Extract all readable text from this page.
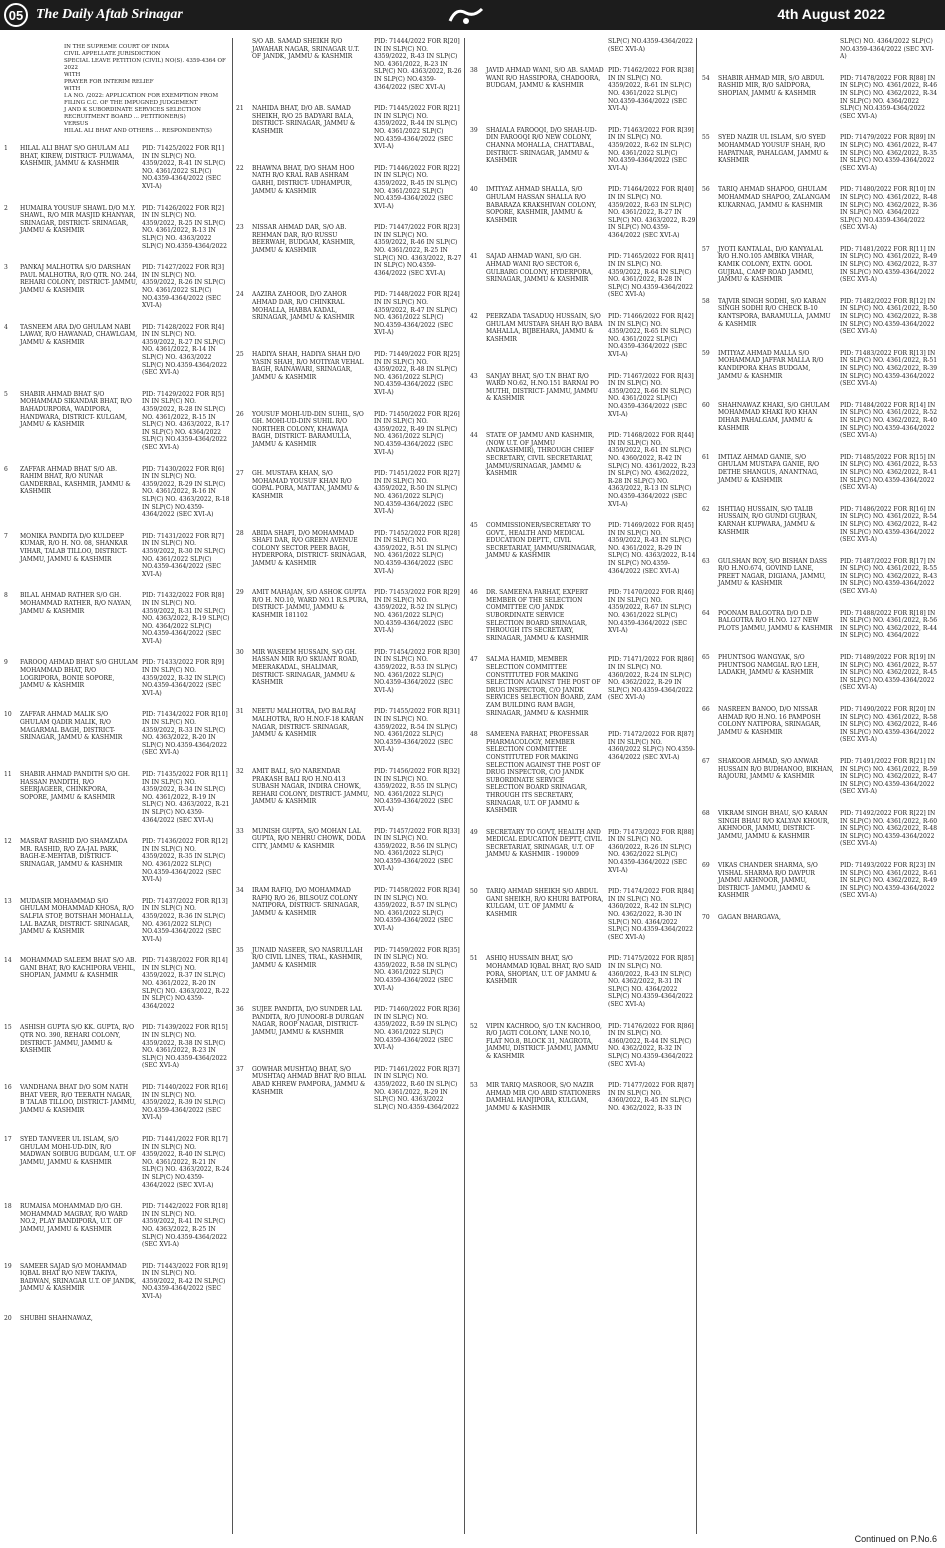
05 The Daily Aftab Srinagar	4th August 2022
IN THE SUPREME COURT OF INDIA
CIVIL APPELLATE JURISDICTION
SPECIAL LEAVE PETITION (CIVIL) NO(S). 4359-4364 OF 2022
WITH
PRAYER FOR INTERIM RELIEF
WITH
I.A NO. /2022: APPLICATION FOR EXEMPTION FROM FILING C.C. OF THE IMPUGNED JUDGEMENT
J AND K SUBORDINATE SERVICES SELECTION RECRUITMENT BOARD ... PETITIONER(S)
VERSUS
HILAL ALI BHAT AND OTHERS ... RESPONDENT(S)
1	HILAL ALI BHAT S/O GHULAM ALI BHAT, KIREW, DISTRICT- PULWAMA, KASHMIR, JAMMU & KASHMIR
PID: 71425/2022 FOR R[1] IN IN SLP(C) NO. 4359/2022, R-41 IN SLP(C) NO. 4361/2022 SLP(C) NO.4359-4364/2022 (SEC XVI-A)
2	HUMAIRA YOUSUF SHAWL D/O M.Y. SHAWL, R/O MIR MASJID KHANYAR, SRINAGAR, DISTRICT- SRINAGAR, JAMMU & KASHMIR
PID: 71426/2022 FOR R[2] IN IN SLP(C) NO. 4359/2022, R-25 IN SLP(C) NO. 4361/2022, R-13 IN SLP(C) NO. 4363/2022 SLP(C) NO.4359-4364/2022
3	PANKAJ MALHOTRA S/O DARSHAN PAUL MALHOTRA, R/O QTR. NO. 244, REHARI COLONY, DISTRICT- JAMMU, JAMMU & KASHMIR
PID: 71427/2022 FOR R[3] IN IN SLP(C) NO. 4359/2022, R-26 IN SLP(C) NO. 4361/2022 SLP(C) NO.4359-4364/2022 (SEC XVI-A)
4	TASNEEM ARA D/O GHULAM NABI LAWAY, R/O HAWANAD, CHAWLGAM, JAMMU & KASHMIR
PID: 71428/2022 FOR R[4] IN IN SLP(C) NO. 4359/2022, R-27 IN SLP(C) NO. 4361/2022, R-14 IN SLP(C) NO. 4363/2022 SLP(C) NO.4359-4364/2022 (SEC XVI-A)
5	SHABIR AHMAD BHAT S/O MOHAMMAD SIKANDAR BHAT, R/O BAHADURPORA, WADIPORA, HANDWARA, DISTRICT- KULGAM, JAMMU & KASHMIR
PID: 71429/2022 FOR R[5] IN IN SLP(C) NO. 4359/2022, R-28 IN SLP(C) NO. 4361/2022, R-15 IN SLP(C) NO. 4363/2022, R-17 IN SLP(C) NO. 4364/2022 SLP(C) NO.4359-4364/2022 (SEC XVI-A)
6	ZAFFAR AHMAD BHAT S/O AB. RAHIM BHAT, R/O NUNAR GANDERBAL, KASHMIR, JAMMU & KASHMIR
PID: 71430/2022 FOR R[6] IN IN SLP(C) NO. 4359/2022, R-29 IN SLP(C) NO. 4361/2022, R-16 IN SLP(C) NO. 4363/2022, R-18 IN SLP(C) NO.4359-4364/2022 (SEC XVI-A)
7	MONIKA PANDITA D/O KULDEEP KUMAR, R/O H. NO. 08, SHANKAR VIHAR, TALAB TILLOO, DISTRICT- JAMMU, JAMMU & KASHMIR
PID: 71431/2022 FOR R[7] IN IN SLP(C) NO. 4359/2022, R-30 IN SLP(C) NO. 4361/2022 SLP(C) NO.4359-4364/2022 (SEC XVI-A)
8	BILAL AHMAD RATHER S/O GH. MOHAMMAD RATHER, R/O NAYAN, JAMMU & KASHMIR
PID: 71432/2022 FOR R[8] IN IN SLP(C) NO. 4359/2022, R-31 IN SLP(C) NO. 4363/2022, R-19 SLP(C) NO. 4364/2022 SLP(C) NO.4359-4364/2022 (SEC XVI-A)
9	FAROOQ AHMAD BHAT S/O GHULAM MOHAMMAD BHAT, R/O LOGRIPORA, BONIE SOPORE, JAMMU & KASHMIR
PID: 71433/2022 FOR R[9] IN IN SLP(C) NO. 4359/2022, R-32 IN SLP(C) NO.4359-4364/2022 (SEC XVI-A)
10	ZAFFAR AHMAD MALIK S/O GHULAM QADIR MALIK, R/O MAGARMAL BAGH, DISTRICT- SRINAGAR, JAMMU & KASHMIR
PID: 71434/2022 FOR R[10] IN IN SLP(C) NO. 4359/2022, R-33 IN SLP(C) NO. 4363/2022, R-20 IN SLP(C) NO.4359-4364/2022 (SEC XVI-A)
11	SHABIR AHMAD PANDITH S/O GH. HASSAN PANDITH, R/O SEERJAGEER, CHINKPORA, SOPORE, JAMMU & KASHMIR
PID: 71435/2022 FOR R[11] IN IN SLP(C) NO. 4359/2022, R-34 IN SLP(C) NO. 4361/2022, R-19 IN SLP(C) NO. 4363/2022, R-21 IN SLP(C) NO.4359-4364/2022 (SEC XVI-A)
12	MASRAT RASHID D/O SHAMZADA MR. RASHID, R/O ZA-JAL PARK, BAGH-E-MEHTAB, DISTRICT- SRINAGAR, JAMMU & KASHMIR
PID: 71436/2022 FOR R[12] IN IN SLP(C) NO. 4359/2022, R-35 IN SLP(C) NO. 4361/2022 SLP(C) NO.4359-4364/2022 (SEC XVI-A)
13	MUDASIR MOHAMMAD S/O GHULAM MOHAMMAD KHOSA, R/O SALFIA STOP, BOTSHAH MOHALLA, LAL BAZAR, DISTRICT- SRINAGAR, JAMMU & KASHMIR
PID: 71437/2022 FOR R[13] IN IN SLP(C) NO. 4359/2022, R-36 IN SLP(C) NO. 4361/2022 SLP(C) NO.4359-4364/2022 (SEC XVI-A)
14	MOHAMMAD SALEEM BHAT S/O AB. GANI BHAT, R/O KACHIPORA VEHIL, SHOPIAN, JAMMU & KASHMIR
PID: 71438/2022 FOR R[14] IN IN SLP(C) NO. 4359/2022, R-37 IN SLP(C) NO. 4361/2022, R-20 IN SLP(C) NO. 4363/2022, R-22 IN SLP(C) NO.4359-4364/2022
15	ASHISH GUPTA S/O KK. GUPTA, R/O QTR NO. 390, REHARI COLONY, DISTRICT- JAMMU, JAMMU & KASHMIR
PID: 71439/2022 FOR R[15] IN IN SLP(C) NO. 4359/2022, R-38 IN SLP(C) NO. 4361/2022, R-23 IN SLP(C) NO.4359-4364/2022 (SEC XVI-A)
16	VANDHANA BHAT D/O SOM NATH BHAT VEER, R/O TEERATH NAGAR, B TALAB TILLOO, DISTRICT- JAMMU, JAMMU & KASHMIR
PID: 71440/2022 FOR R[16] IN IN SLP(C) NO. 4359/2022, R-39 IN SLP(C) NO.4359-4364/2022 (SEC XVI-A)
17	SYED TANVEER UL ISLAM, S/O GHULAM MOHI-UD-DIN, R/O MADWAN SOIBUG BUDGAM, U.T. OF JAMMU, JAMMU & KASHMIR
PID: 71441/2022 FOR R[17] IN IN SLP(C) NO. 4359/2022, R-40 IN SLP(C) NO. 4361/2022, R-21 IN SLP(C) NO. 4363/2022, R-24 IN SLP(C) NO.4359-4364/2022 (SEC XVI-A)
18	RUMAISA MOHAMMAD D/O GH. MOHAMMAD MAGRAY, R/O WARD NO.2, PLAY BANDIPORA, U.T. OF JAMMU, JAMMU & KASHMIR
PID: 71442/2022 FOR R[18] IN IN SLP(C) NO. 4359/2022, R-41 IN SLP(C) NO. 4363/2022, R-25 IN SLP(C) NO.4359-4364/2022 (SEC XVI-A)
19	SAMEER SAJAD S/O MOHAMMAD IQBAL BHAT R/O NEW TAKIYA, BADWAN, SRINAGAR U.T. OF JANDK, JAMMU & KASHMIR
PID: 71443/2022 FOR R[19] IN IN SLP(C) NO. 4359/2022, R-42 IN SLP(C) NO.4359-4364/2022 (SEC XVI-A)
20	SHUBHI SHAHNAWAZ,
S/O AB. SAMAD SHEIKH R/O JAWAHAR NAGAR, SRINAGAR U.T. OF JANDK, JAMMU & KASHMIR
PID: 71444/2022 FOR R[20] IN IN SLP(C) NO. 4359/2022, R-43 IN SLP(C) NO. 4361/2022, R-23 IN SLP(C) NO. 4363/2022, R-26 IN SLP(C) NO.4359-4364/2022 (SEC XVI-A)
21	NAHIDA BHAT, D/O AB. SAMAD SHEIKH, R/O 25 BADYARI BALA, DISTRICT- SRINAGAR, JAMMU & KASHMIR
PID: 71445/2022 FOR R[21] IN IN SLP(C) NO. 4359/2022, R-44 IN SLP(C) NO. 4361/2022 SLP(C) NO.4359-4364/2022 (SEC XVI-A)
22	BHAWNA BHAT, D/O SHAM HOO NATH R/O KRAL RAB ASHRAM GARHI, DISTRICT- UDHAMPUR, JAMMU & KASHMIR
PID: 71446/2022 FOR R[22] IN IN SLP(C) NO. 4359/2022, R-45 IN SLP(C) NO. 4361/2022 SLP(C) NO.4359-4364/2022 (SEC XVI-A)
23	NISSAR AHMAD DAR, S/O AB. REHMAN DAR, R/O RUSSU BEERWAH, BUDGAM, KASHMIR, JAMMU & KASHMIR
PID: 71447/2022 FOR R[23] IN IN SLP(C) NO. 4359/2022, R-46 IN SLP(C) NO. 4361/2022, R-25 IN SLP(C) NO. 4363/2022, R-27 IN SLP(C) NO.4359-4364/2022 (SEC XVI-A)
24	AAZIRA ZAHOOR, D/O ZAHOR AHMAD DAR, R/O CHINKRAL MOHALLA, HABBA KADAL, SRINAGAR, JAMMU & KASHMIR
PID: 71448/2022 FOR R[24] IN IN SLP(C) NO. 4359/2022, R-47 IN SLP(C) NO. 4361/2022 SLP(C) NO.4359-4364/2022 (SEC XVI-A)
25	HADIYA SHAH, HADIYA SHAH D/O YASIN SHAH, R/O MOTIYAR VEHAL BAGH, RAINAWARI, SRINAGAR, JAMMU & KASHMIR
PID: 71449/2022 FOR R[25] IN IN SLP(C) NO. 4359/2022, R-48 IN SLP(C) NO. 4361/2022 SLP(C) NO.4359-4364/2022 (SEC XVI-A)
26	YOUSUF MOHI-UD-DIN SUHIL, S/O GH. MOHI-UD-DIN SUHIL R/O NORTHER COLONY, KHAWAJA BAGH, DISTRICT- BARAMULLA, JAMMU & KASHMIR
PID: 71450/2022 FOR R[26] IN IN SLP(C) NO. 4359/2022, R-49 IN SLP(C) NO. 4361/2022 SLP(C) NO.4359-4364/2022 (SEC XVI-A)
27	GH. MUSTAFA KHAN, S/O MOHAMAD YOUSUF KHAN R/O GOPAL PORA, MATTAN, JAMMU & KASHMIR
PID: 71451/2022 FOR R[27] IN IN SLP(C) NO. 4359/2022, R-50 IN SLP(C) NO. 4361/2022 SLP(C) NO.4359-4364/2022 (SEC XVI-A)
28	ABIDA SHAFI, D/O MOHAMMAD SHAFI DAR, R/O GREEN AVENUE COLONY SECTOR PEER BAGH, HYDERPORA, DISTRICT- SRINAGAR, JAMMU & KASHMIR
PID: 71452/2022 FOR R[28] IN IN SLP(C) NO. 4359/2022, R-51 IN SLP(C) NO. 4361/2022 SLP(C) NO.4359-4364/2022 (SEC XVI-A)
29	AMIT MAHAJAN, S/O ASHOK GUPTA R/O H. NO.10, WARD NO.1 R.S.PURA, DISTRICT- JAMMU, JAMMU & KASHMIR 181102
PID: 71453/2022 FOR R[29] IN IN SLP(C) NO. 4359/2022, R-52 IN SLP(C) NO. 4361/2022 SLP(C) NO.4359-4364/2022 (SEC XVI-A)
30	MIR WASEEM HUSSAIN, S/O GH. HASSAN MIR R/O SKUANT ROAD, MEERAKADAL, SHALIMAR, DISTRICT- SRINAGAR, JAMMU & KASHMIR
PID: 71454/2022 FOR R[30] IN IN SLP(C) NO. 4359/2022, R-53 IN SLP(C) NO. 4361/2022 SLP(C) NO.4359-4364/2022 (SEC XVI-A)
31	NEETU MALHOTRA, D/O BALRAJ MALHOTRA, R/O H.NO.F-18 KARAN NAGAR, DISTRICT- SRINAGAR, JAMMU & KASHMIR
PID: 71455/2022 FOR R[31] IN IN SLP(C) NO. 4359/2022, R-54 IN SLP(C) NO. 4361/2022 SLP(C) NO.4359-4364/2022 (SEC XVI-A)
32	AMIT BALI, S/O NARENDAR PRAKASH BALI R/O H.NO.413 SUBASH NAGAR, INDIRA CHOWK, REHARI COLONY, DISTRICT- JAMMU, JAMMU & KASHMIR
PID: 71456/2022 FOR R[32] IN IN SLP(C) NO. 4359/2022, R-55 IN SLP(C) NO. 4361/2022 SLP(C) NO.4359-4364/2022 (SEC XVI-A)
33	MUNISH GUPTA, S/O MOHAN LAL GUPTA, R/O NEHRU CHOWK, DODA CITY, JAMMU & KASHMIR
PID: 71457/2022 FOR R[33] IN IN SLP(C) NO. 4359/2022, R-56 IN SLP(C) NO. 4361/2022 SLP(C) NO.4359-4364/2022 (SEC XVI-A)
34	IRAM RAFIQ, D/O MOHAMMAD RAFIQ R/O 26, BILSOUZ COLONY NATIPORA, DISTRICT- SRINAGAR, JAMMU & KASHMIR
PID: 71458/2022 FOR R[34] IN IN SLP(C) NO. 4359/2022, R-57 IN SLP(C) NO. 4361/2022 SLP(C) NO.4359-4364/2022 (SEC XVI-A)
35	JUNAID NASEER, S/O NASRULLAH R/O CIVIL LINES, TRAL, KASHMIR, JAMMU & KASHMIR
PID: 71459/2022 FOR R[35] IN IN SLP(C) NO. 4359/2022, R-58 IN SLP(C) NO. 4361/2022 SLP(C) NO.4359-4364/2022 (SEC XVI-A)
36	SUJEE PANDITA, D/O SUNDER LAL PANDITA, R/O JUNOORI-B DURGAN NAGAR, ROOP NAGAR, DISTRICT- JAMMU, JAMMU & KASHMIR
PID: 71460/2022 FOR R[36] IN IN SLP(C) NO. 4359/2022, R-59 IN SLP(C) NO. 4361/2022 SLP(C) NO.4359-4364/2022 (SEC XVI-A)
37	GOWHAR MUSHTAQ BHAT, S/O MUSHTAQ AHMAD BHAT R/O BILAL ABAD KHREW PAMPORA, JAMMU & KASHMIR
PID: 71461/2022 FOR R[37] IN IN SLP(C) NO. 4359/2022, R-60 IN SLP(C) NO. 4361/2022, R-29 IN SLP(C) NO. 4363/2022 SLP(C) NO.4359-4364/2022
SLP(C) NO.4359-4364/2022 (SEC XVI-A)
38	JAVID AHMAD WANI, S/O AB. SAMAD WANI R/O HASSIPORA, CHADOORA, BUDGAM, JAMMU & KASHMIR
PID: 71462/2022 FOR R[38] IN IN SLP(C) NO. 4359/2022, R-61 IN SLP(C) NO. 4361/2022 SLP(C) NO.4359-4364/2022 (SEC XVI-A)
39	SHAIALA FAROOQI, D/O SHAH-UD-DIN FAROOQI R/O NEW COLONY, CHANNA MOHALLA, CHATTABAL, DISTRICT- SRINAGAR, JAMMU & KASHMIR
PID: 71463/2022 FOR R[39] IN IN SLP(C) NO. 4359/2022, R-62 IN SLP(C) NO. 4361/2022 SLP(C) NO.4359-4364/2022 (SEC XVI-A)
40	IMTIYAZ AHMAD SHALLA, S/O GHULAM HASSAN SHALLA R/O BABARAZA KRAKSHIVAN COLONY, SOPORE, KASHMIR, JAMMU & KASHMIR
PID: 71464/2022 FOR R[40] IN IN SLP(C) NO. 4359/2022, R-63 IN SLP(C) NO. 4361/2022, R-27 IN SLP(C) NO. 4363/2022, R-29 IN SLP(C) NO.4359-4364/2022 (SEC XVI-A)
41	SAJAD AHMAD WANI, S/O GH. AHMAD WANI R/O SECTOR 6, GULBARG COLONY, HYDERPORA, SRINAGAR, JAMMU & KASHMIR
PID: 71465/2022 FOR R[41] IN IN SLP(C) NO. 4359/2022, R-64 IN SLP(C) NO. 4361/2022, R-28 IN SLP(C) NO.4359-4364/2022 (SEC XVI-A)
42	PEERZADA TASADUQ HUSSAIN, S/O GHULAM MUSTAFA SHAH R/O BABA MAHALLA, BIJBEHARA, JAMMU & KASHMIR
PID: 71466/2022 FOR R[42] IN IN SLP(C) NO. 4359/2022, R-65 IN SLP(C) NO. 4361/2022 SLP(C) NO.4359-4364/2022 (SEC XVI-A)
43	SANJAY BHAT, S/O T.N BHAT R/O WARD NO.62, H.NO.151 BARNAI PO MUTHI, DISTRICT- JAMMU, JAMMU & KASHMIR
PID: 71467/2022 FOR R[43] IN IN SLP(C) NO. 4359/2022, R-66 IN SLP(C) NO. 4361/2022 SLP(C) NO.4359-4364/2022 (SEC XVI-A)
44	STATE OF JAMMU AND KASHMIR, (NOW U.T. OF JAMMU ANDKASHMIR), THROUGH CHIEF SECRETARY, CIVIL SECRETARIAT, JAMMU/SRINAGAR, JAMMU & KASHMIR
PID: 71468/2022 FOR R[44] IN IN SLP(C) NO. 4359/2022, R-61 IN SLP(C) NO. 4360/2022, R-42 IN SLP(C) NO. 4361/2022, R-23 IN SLP(C) NO. 4362/2022, R-28 IN SLP(C) NO. 4363/2022, R-13 IN SLP(C) NO.4359-4364/2022 (SEC XVI-A)
45	COMMISSIONER/SECRETARY TO GOVT., HEALTH AND MEDICAL EDUCATION DEPTT., CIVIL SECRETARIAT, JAMMU/SRINAGAR, JAMMU & KASHMIR
PID: 71469/2022 FOR R[45] IN IN SLP(C) NO. 4359/2022, R-43 IN SLP(C) NO. 4361/2022, R-29 IN SLP(C) NO. 4363/2022, R-14 IN SLP(C) NO.4359-4364/2022 (SEC XVI-A)
46	DR. SAMEENA FARHAT, EXPERT MEMBER OF THE SELECTION COMMITTEE C/O JANDK SUBORDINATE SERVICE SELECTION BOARD SRINAGAR, THROUGH ITS SECRETARY, SRINAGAR, JAMMU & KASHMIR
PID: 71470/2022 FOR R[46] IN IN SLP(C) NO. 4359/2022, R-67 IN SLP(C) NO. 4361/2022 SLP(C) NO.4359-4364/2022 (SEC XVI-A)
47	SALMA HAMID, MEMBER SELECTION COMMITTEE CONSTITUTED FOR MAKING SELECTION AGAINST THE POST OF DRUG INSPECTOR, C/O JANDK SERVICES SELECTION BOARD, ZAM ZAM BUILDING RAM BAGH, SRINAGAR, JAMMU & KASHMIR
PID: 71471/2022 FOR R[86] IN IN SLP(C) NO. 4360/2022, R-24 IN SLP(C) NO. 4362/2022, R-29 IN SLP(C) NO.4359-4364/2022 (SEC XVI-A)
48	SAMEENA FARHAT, PROFESSAR PHARMACOLOGY, MEMBER SELECTION COMMITTEE CONSTITUTED FOR MAKING SELECTION AGAINST THE POST OF DRUG INSPECTOR, C/O JANDK SUBORDINATE SERVICE SELECTION BOARD SRINAGAR, THROUGH ITS SECRETARY, SRINAGAR, U.T. OF JAMMU & KASHMIR
PID: 71472/2022 FOR R[87] IN IN SLP(C) NO. 4360/2022 SLP(C) NO.4359-4364/2022 (SEC XVI-A)
49	SECRETARY TO GOVT, HEALTH AND MEDICAL EDUCATION DEPTT, CIVIL SECRETARIAT, SRINAGAR, U.T. OF JAMMU & KASHMIR - 190009
PID: 71473/2022 FOR R[88] IN IN SLP(C) NO. 4360/2022, R-26 IN SLP(C) NO. 4362/2022 SLP(C) NO.4359-4364/2022 (SEC XVI-A)
50	TARIQ AHMAD SHEIKH S/O ABDUL GANI SHEIKH, R/O KHURI BATPORA, KULGAM, U.T. OF JAMMU & KASHMIR
PID: 71474/2022 FOR R[84] IN IN SLP(C) NO. 4360/2022, R-42 IN SLP(C) NO. 4362/2022, R-30 IN SLP(C) NO. 4364/2022 SLP(C) NO.4359-4364/2022 (SEC XVI-A)
51	ASHIQ HUSSAIN BHAT, S/O MOHAMMAD IQBAL BHAT, R/O SAID PORA, SHOPIAN, U.T. OF JAMMU & KASHMIR
PID: 71475/2022 FOR R[85] IN IN SLP(C) NO. 4360/2022, R-43 IN SLP(C) NO. 4362/2022, R-31 IN SLP(C) NO. 4364/2022 SLP(C) NO.4359-4364/2022 (SEC XVI-A)
52	VIPIN KACHROO, S/O T.N KACHROO, R/O JAGTI COLONY, LANE NO.10, FLAT NO.8, BLOCK 31, NAGROTA, JAMMU, DISTRICT- JAMMU, JAMMU & KASHMIR
PID: 71476/2022 FOR R[86] IN IN SLP(C) NO. 4360/2022, R-44 IN SLP(C) NO. 4362/2022, R-32 IN SLP(C) NO.4359-4364/2022 (SEC XVI-A)
53	MIR TARIQ MASROOR, S/O NAZIR AHMAD MIR C/O ABID STATIONERS DAMHAL HANJIPORA, KULGAM, JAMMU & KASHMIR
PID: 71477/2022 FOR R[87] IN IN SLP(C) NO. 4360/2022, R-45 IN SLP(C) NO. 4362/2022, R-33 IN
SLP(C) NO. 4364/2022 SLP(C) NO.4359-4364/2022 (SEC XVI-A)
54	SHABIR AHMAD MIR, S/O ABDUL RASHID MIR, R/O SAIDPORA, SHOPIAN, JAMMU & KASHMIR
PID: 71478/2022 FOR R[88] IN IN SLP(C) NO. 4361/2022, R-46 IN SLP(C) NO. 4362/2022, R-34 IN SLP(C) NO. 4364/2022 SLP(C) NO.4359-4364/2022 (SEC XVI-A)
55	SYED NAZIR UL ISLAM, S/O SYED MOHAMMAD YOUSUF SHAH, R/O HAPATNAR, PAHALGAM, JAMMU & KASHMIR
PID: 71479/2022 FOR R[89] IN IN SLP(C) NO. 4361/2022, R-47 IN SLP(C) NO. 4362/2022, R-35 IN SLP(C) NO.4359-4364/2022 (SEC XVI-A)
56	TARIQ AHMAD SHAPOO, GHULAM MOHAMMAD SHAPOO, ZALANGAM KUKARNAG, JAMMU & KASHMIR
PID: 71480/2022 FOR R[10] IN IN SLP(C) NO. 4361/2022, R-48 IN SLP(C) NO. 4362/2022, R-36 IN SLP(C) NO. 4364/2022 SLP(C) NO.4359-4364/2022 (SEC XVI-A)
57	JYOTI KANTALAL, D/O KANYALAL R/O H.NO.105 AMBIKA VIHAR, KAMIK COLONY, EXTN. GOOL GUJRAL, CAMP ROAD JAMMU, JAMMU & KASHMIR
PID: 71481/2022 FOR R[11] IN IN SLP(C) NO. 4361/2022, R-49 IN SLP(C) NO. 4362/2022, R-37 IN SLP(C) NO.4359-4364/2022 (SEC XVI-A)
58	TAJVIR SINGH SODHI, S/O KARAN SINGH SODHI R/O CHECK B-10 KANTSPORA, BARAMULLA, JAMMU & KASHMIR
PID: 71482/2022 FOR R[12] IN IN SLP(C) NO. 4361/2022, R-50 IN SLP(C) NO. 4362/2022, R-38 IN SLP(C) NO.4359-4364/2022 (SEC XVI-A)
59	IMTIYAZ AHMAD MALLA S/O MOHAMMAD JAFFAR MALLA R/O KANDIPORA KHAS BUDGAM, JAMMU & KASHMIR
PID: 71483/2022 FOR R[13] IN IN SLP(C) NO. 4361/2022, R-51 IN SLP(C) NO. 4362/2022, R-39 IN SLP(C) NO.4359-4364/2022 (SEC XVI-A)
60	SHAHNAWAZ KHAKI, S/O GHULAM MOHAMMAD KHAKI R/O KHAN DIHAR PAHALGAM, JAMMU & KASHMIR
PID: 71484/2022 FOR R[14] IN IN SLP(C) NO. 4361/2022, R-52 IN SLP(C) NO. 4362/2022, R-40 IN SLP(C) NO.4359-4364/2022 (SEC XVI-A)
61	IMTIAZ AHMAD GANIE, S/O GHULAM MUSTAFA GANIE, R/O DETHE SHANGUS, ANANTNAG, JAMMU & KASHMIR
PID: 71485/2022 FOR R[15] IN IN SLP(C) NO. 4361/2022, R-53 IN SLP(C) NO. 4362/2022, R-41 IN SLP(C) NO.4359-4364/2022 (SEC XVI-A)
62	ISHTIAQ HUSSAIN, S/O TALIB HUSSAIN, R/O GUNDI GUJRAN, KARNAH KUPWARA, JAMMU & KASHMIR
PID: 71486/2022 FOR R[16] IN IN SLP(C) NO. 4361/2022, R-54 IN SLP(C) NO. 4362/2022, R-42 IN SLP(C) NO.4359-4364/2022 (SEC XVI-A)
63	GULSHAN ROY, S/O BISHAN DASS R/O H.NO.674, GOVIND LANE, PREET NAGAR, DIGIANA, JAMMU, JAMMU & KASHMIR
PID: 71487/2022 FOR R[17] IN IN SLP(C) NO. 4361/2022, R-55 IN SLP(C) NO. 4362/2022, R-43 IN SLP(C) NO.4359-4364/2022 (SEC XVI-A)
64	POONAM BALGOTRA D/O D.D BALGOTRA R/O H.NO. 127 NEW PLOTS JAMMU, JAMMU & KASHMIR
PID: 71488/2022 FOR R[18] IN IN SLP(C) NO. 4361/2022, R-56 IN SLP(C) NO. 4362/2022, R-44 IN SLP(C) NO. 4364/2022
65	PHUNTSOG WANGYAK, S/O PHUNTSOG NAMGIAL R/O LEH, LADAKH, JAMMU & KASHMIR
PID: 71489/2022 FOR R[19] IN IN SLP(C) NO. 4361/2022, R-57 IN SLP(C) NO. 4362/2022, R-45 IN SLP(C) NO.4359-4364/2022 (SEC XVI-A)
66	NASREEN BANOO, D/O NISSAR AHMAD R/O H.NO. 16 PAMPOSH COLONY NATIPORA, SRINAGAR, JAMMU & KASHMIR
PID: 71490/2022 FOR R[20] IN IN SLP(C) NO. 4361/2022, R-58 IN SLP(C) NO. 4362/2022, R-46 IN SLP(C) NO.4359-4364/2022 (SEC XVI-A)
67	SHAKOOR AHMAD, S/O ANWAR HUSSAIN R/O BUDHANOO, BIKHAN, RAJOURI, JAMMU & KASHMIR
PID: 71491/2022 FOR R[21] IN IN SLP(C) NO. 4361/2022, R-59 IN SLP(C) NO. 4362/2022, R-47 IN SLP(C) NO.4359-4364/2022 (SEC XVI-A)
68	VIKRAM SINGH BHAU, S/O KARAN SINGH BHAU R/O KALYAN KHOUR, AKHNOOR, JAMMU, DISTRICT- JAMMU, JAMMU & KASHMIR
PID: 71492/2022 FOR R[22] IN IN SLP(C) NO. 4361/2022, R-60 IN SLP(C) NO. 4362/2022, R-48 IN SLP(C) NO.4359-4364/2022 (SEC XVI-A)
69	VIKAS CHANDER SHARMA, S/O VISHAL SHARMA R/O DAVPUR JAMMU AKHNOOR, JAMMU, DISTRICT- JAMMU, JAMMU & KASHMIR
PID: 71493/2022 FOR R[23] IN IN SLP(C) NO. 4361/2022, R-61 IN SLP(C) NO. 4362/2022, R-49 IN SLP(C) NO.4359-4364/2022 (SEC XVI-A)
70	GAGAN BHARGAVA,
Continued on P.No.6
